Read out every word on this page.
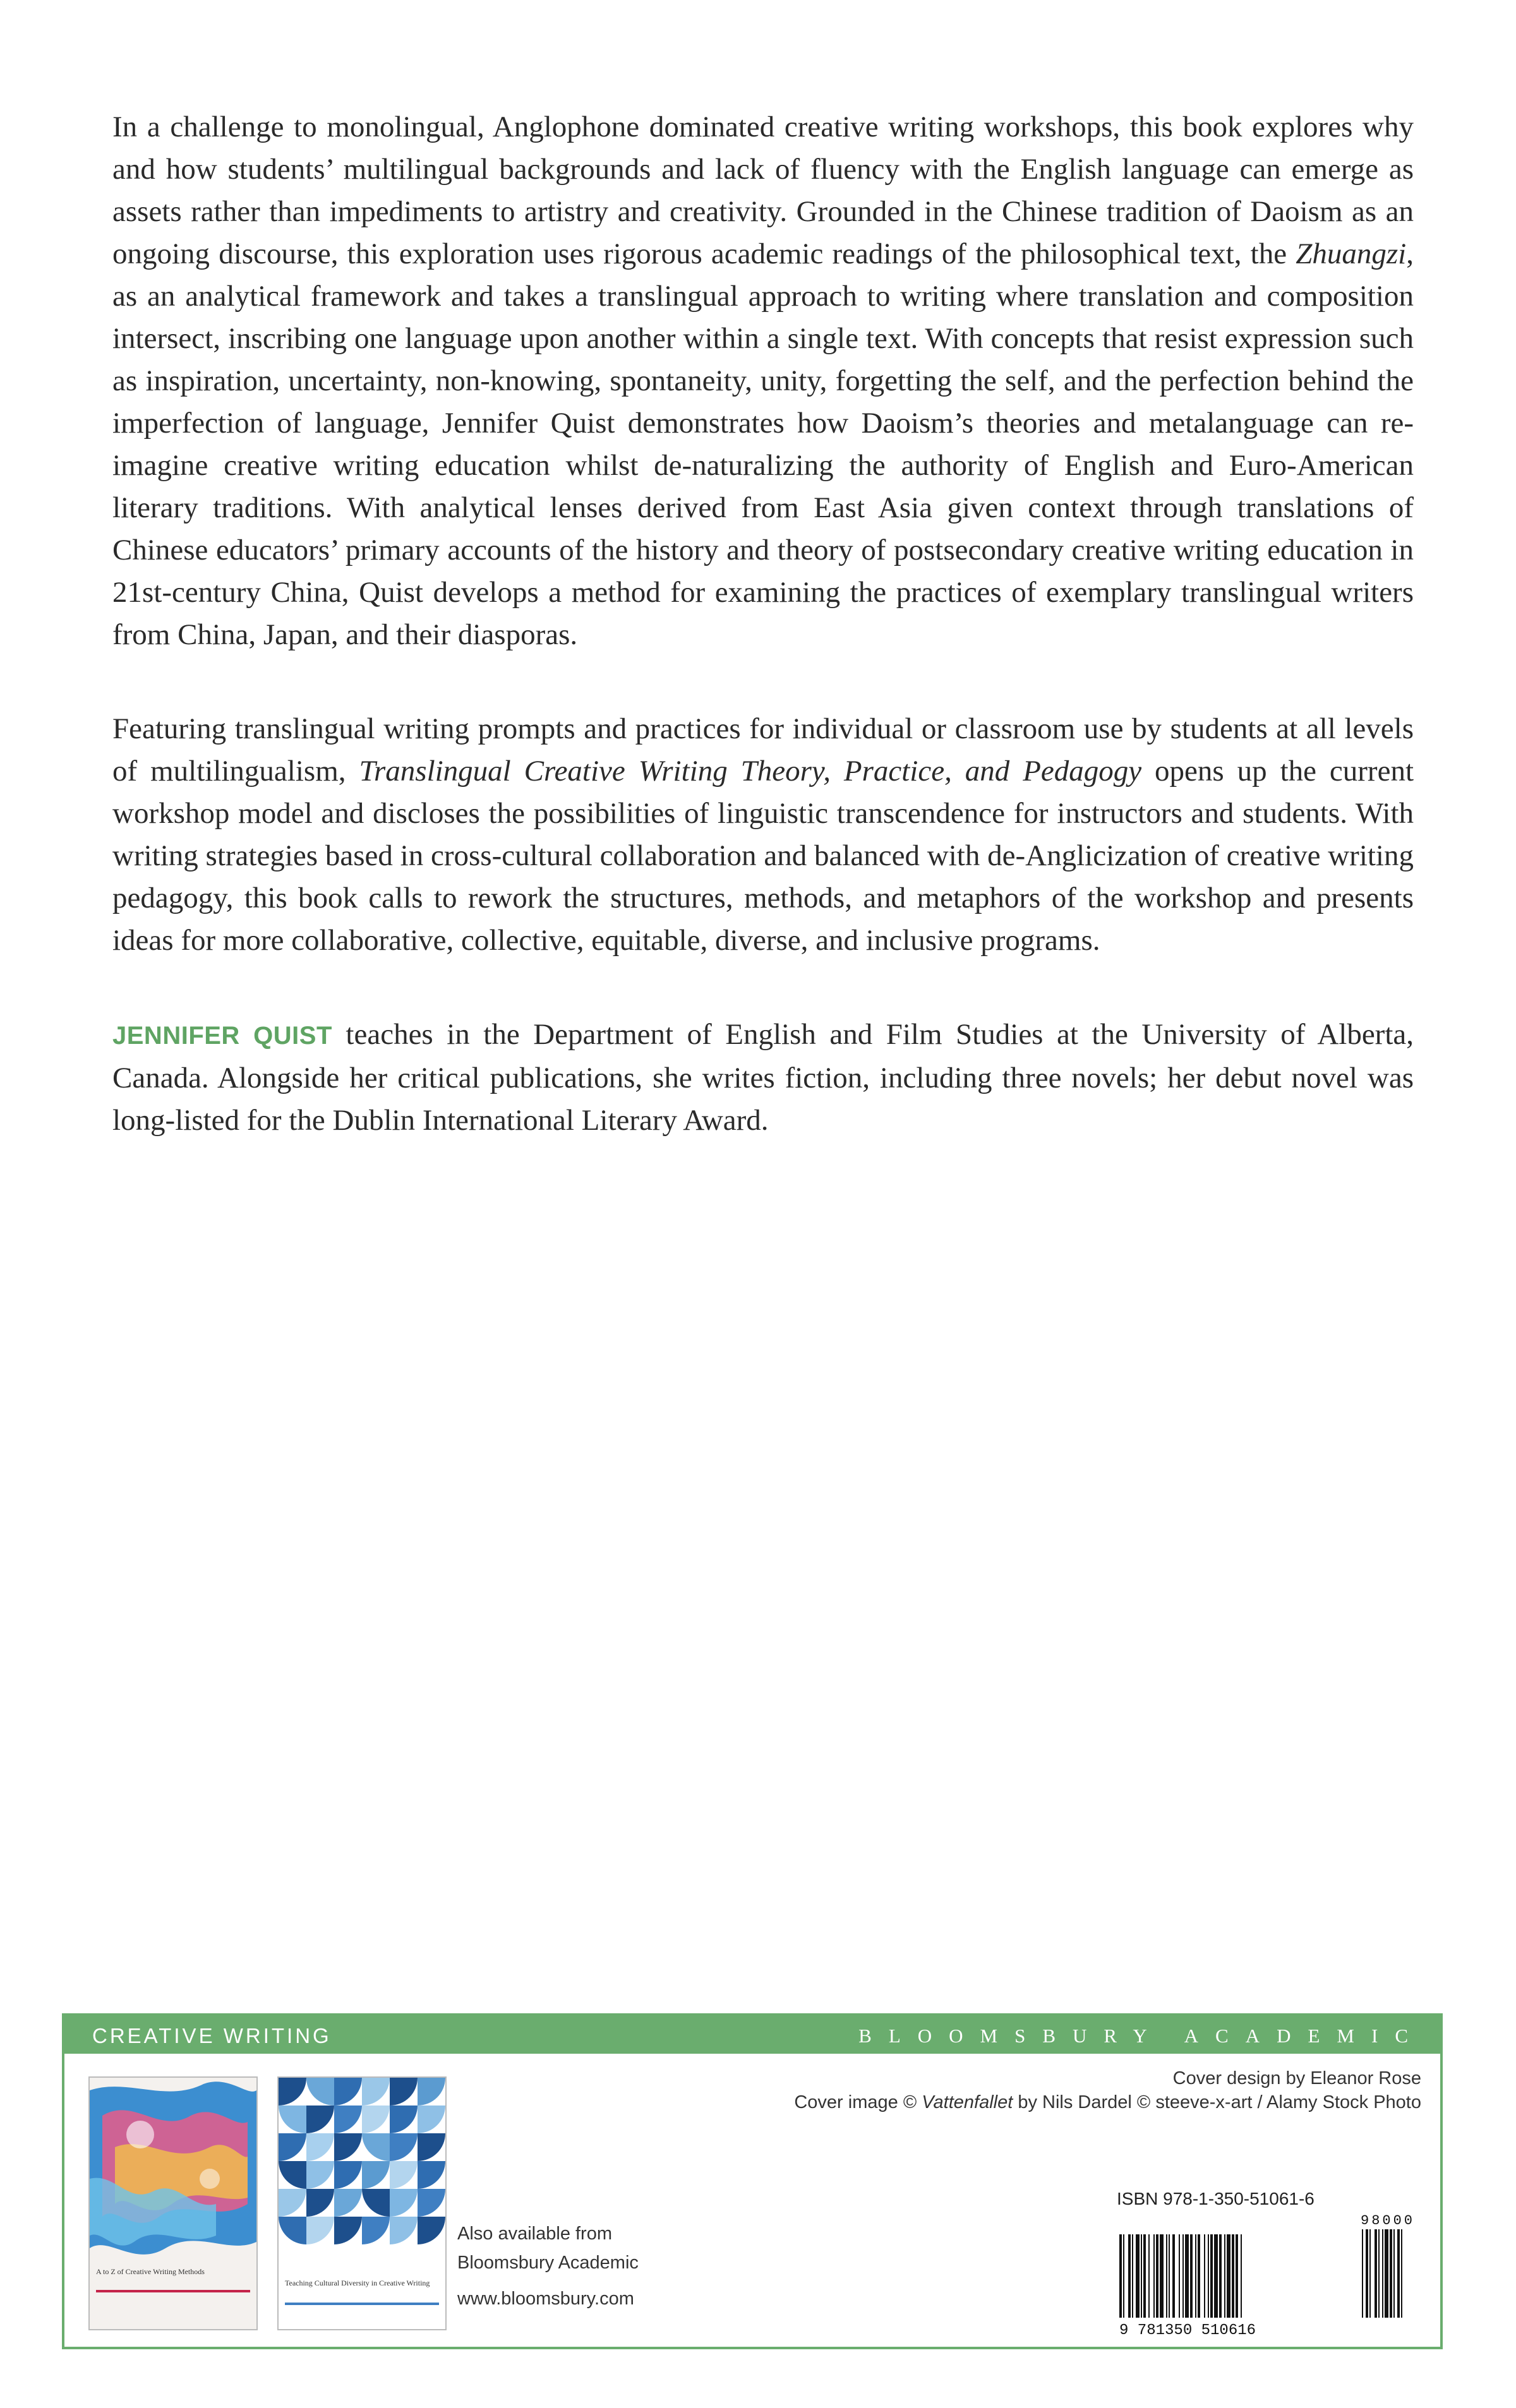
In a challenge to monolingual, Anglophone dominated creative writing workshops, this book explores why and how students’ multilingual backgrounds and lack of fluency with the English language can emerge as assets rather than impediments to artistry and creativity. Grounded in the Chinese tradition of Daoism as an ongoing discourse, this exploration uses rigorous academic readings of the philosophical text, the Zhuangzi, as an analytical framework and takes a translingual approach to writing where translation and composition intersect, inscribing one language upon another within a single text. With concepts that resist expression such as inspiration, uncertainty, non-knowing, spontaneity, unity, forgetting the self, and the perfection behind the imperfection of language, Jennifer Quist demonstrates how Daoism’s theories and metalanguage can re-imagine creative writing education whilst de-naturalizing the authority of English and Euro-American literary traditions. With analytical lenses derived from East Asia given context through translations of Chinese educators’ primary accounts of the history and theory of postsecondary creative writing education in 21st-century China, Quist develops a method for examining the practices of exemplary translingual writers from China, Japan, and their diasporas.

Featuring translingual writing prompts and practices for individual or classroom use by students at all levels of multilingualism, Translingual Creative Writing Theory, Practice, and Pedagogy opens up the current workshop model and discloses the possibilities of linguistic transcendence for instructors and students. With writing strategies based in cross-cultural collaboration and balanced with de-Anglicization of creative writing pedagogy, this book calls to rework the structures, methods, and metaphors of the workshop and presents ideas for more collaborative, collective, equitable, diverse, and inclusive programs.

JENNIFER QUIST teaches in the Department of English and Film Studies at the University of Alberta, Canada. Alongside her critical publications, she writes fiction, including three novels; her debut novel was long-listed for the Dublin International Literary Award.

CREATIVE WRITING	BLOOMSBURY ACADEMIC
A to Z of Creative Writing Methods
Teaching Cultural Diversity in Creative Writing
Also available from
Bloomsbury Academic
www.bloomsbury.com
Cover design by Eleanor Rose
Cover image © Vattenfallet by Nils Dardel © steeve-x-art / Alamy Stock Photo
ISBN 978-1-350-51061-6
9 781350 510616
98000
